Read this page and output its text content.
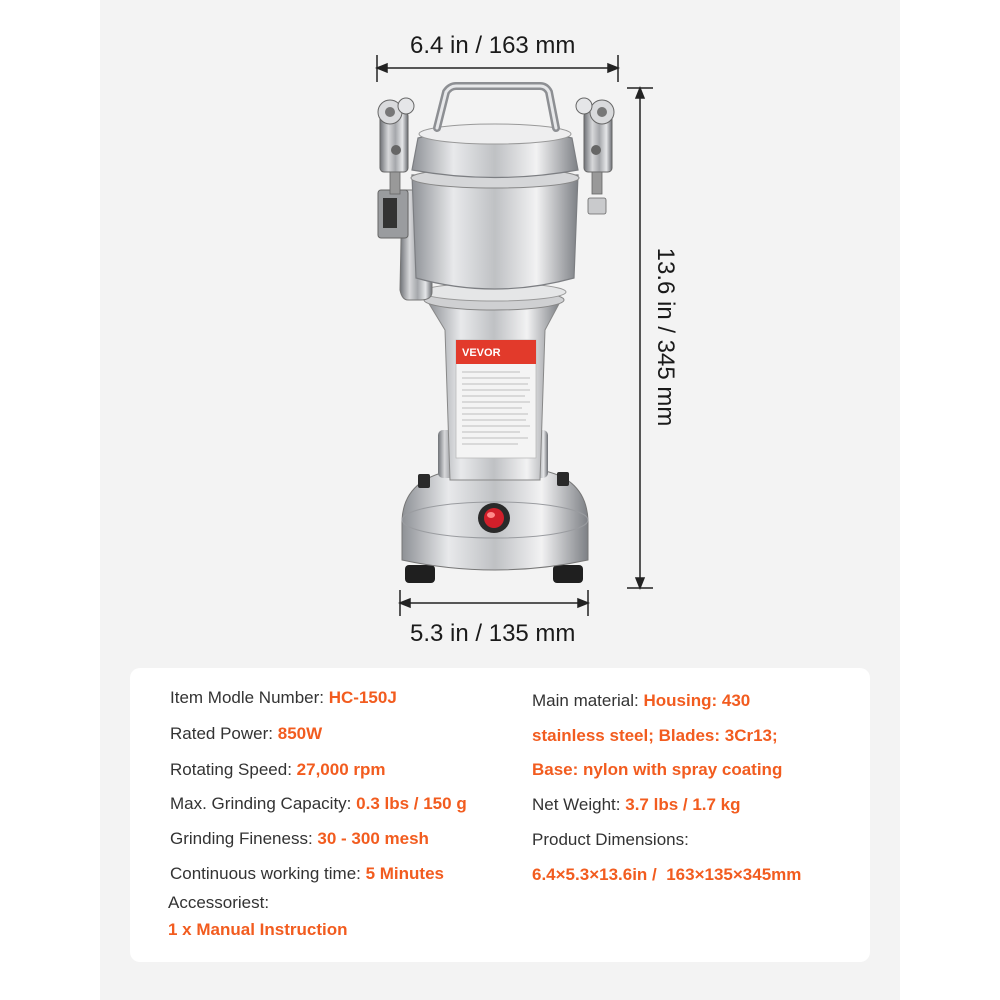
VEVOR
6.4 in / 163 mm
13.6 in / 345 mm
5.3 in / 135 mm
Item Modle Number: HC-150J
Rated Power: 850W
Rotating Speed: 27,000 rpm
Max. Grinding Capacity: 0.3 lbs / 150 g
Grinding Fineness: 30 - 300 mesh
Continuous working time: 5 Minutes
Accessoriest:
1 x Manual Instruction
Main material: Housing: 430
stainless steel; Blades: 3Cr13;
Base: nylon with spray coating
Net Weight: 3.7 lbs / 1.7 kg
Product Dimensions:
6.4×5.3×13.6in /  163×135×345mm
